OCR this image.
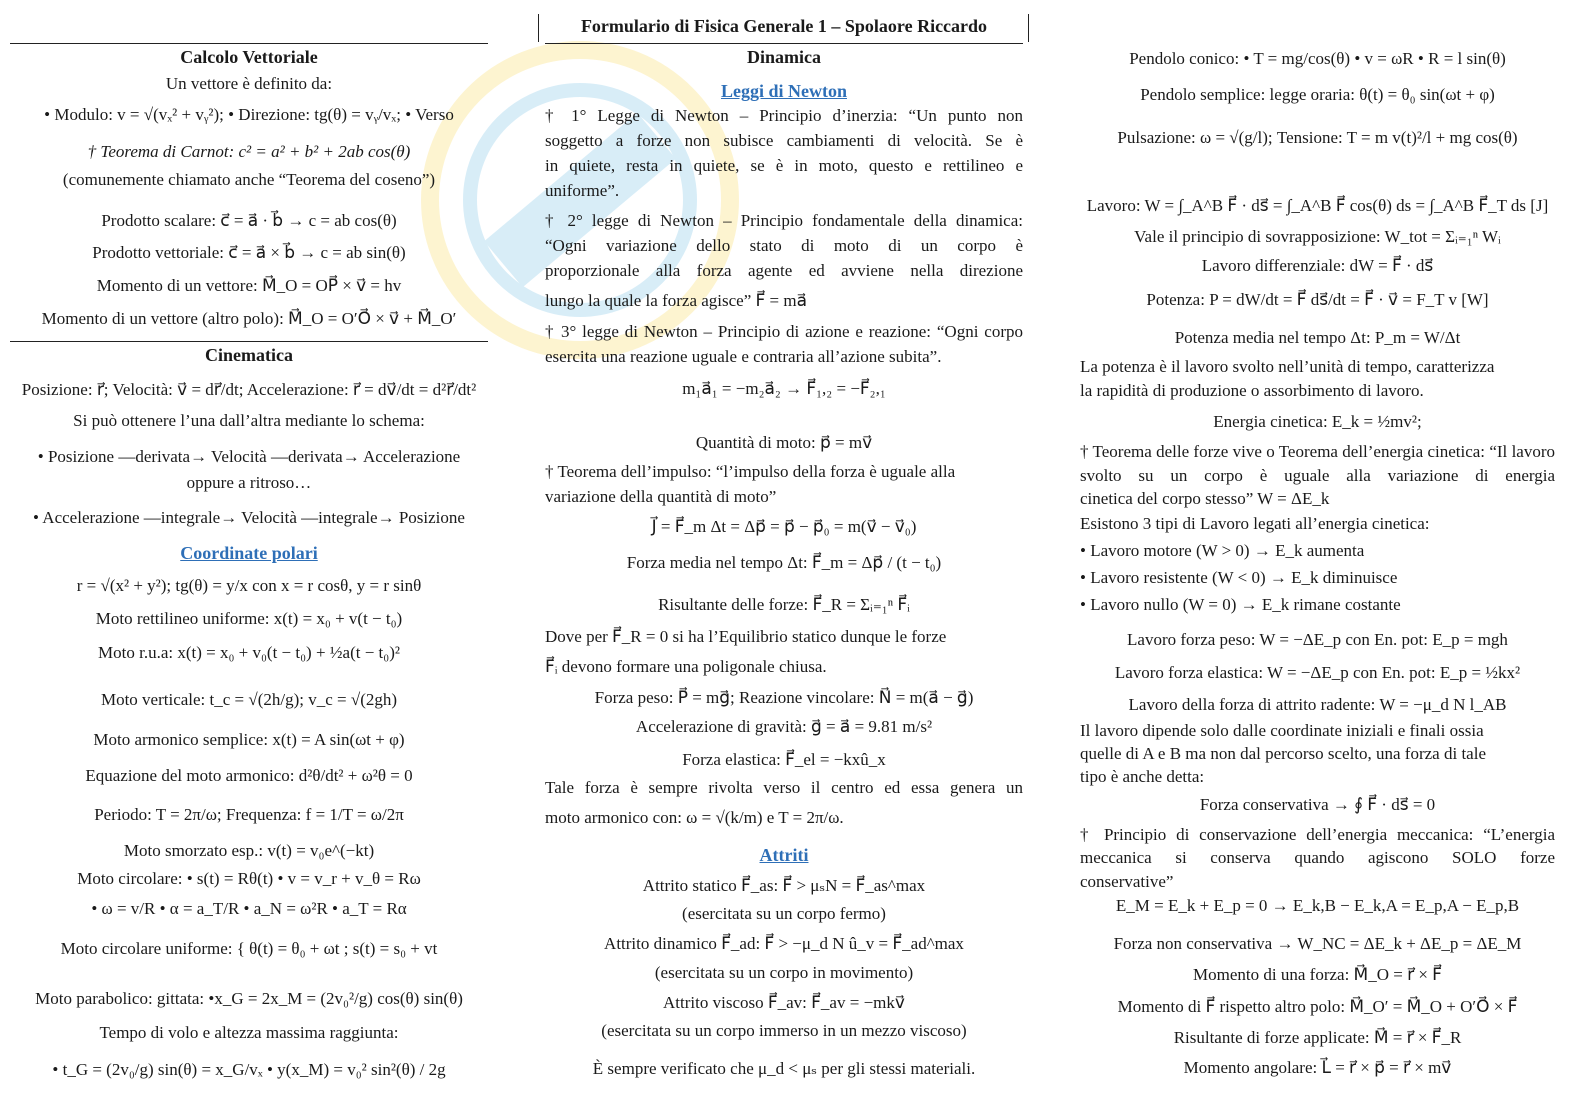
Formulario di Fisica Generale 1 – Spolaore Riccardo
Calcolo Vettoriale
Un vettore è definito da:
• Modulo: v = √(vₓ² + vᵧ²); • Direzione: tg(θ) = vᵧ/vₓ; • Verso
† Teorema di Carnot: c² = a² + b² + 2ab cos(θ)
(comunemente chiamato anche “Teorema del coseno”)
Prodotto scalare: c⃗ = a⃗ · b⃗ → c = ab cos(θ)
Prodotto vettoriale: c⃗ = a⃗ × b⃗ → c = ab sin(θ)
Momento di un vettore: M⃗_O = OP⃗ × v⃗ = hv
Momento di un vettore (altro polo): M⃗_O = O′O⃗ × v⃗ + M⃗_O′
Cinematica
Posizione: r⃗; Velocità: v⃗ = dr⃗/dt; Accelerazione: r⃗ = dv⃗/dt = d²r⃗/dt²
Si può ottenere l’una dall’altra mediante lo schema:
• Posizione —derivata→ Velocità —derivata→ Accelerazione
oppure a ritroso…
• Accelerazione —integrale→ Velocità —integrale→ Posizione
Coordinate polari
r = √(x² + y²); tg(θ) = y/x con x = r cosθ, y = r sinθ
Moto rettilineo uniforme: x(t) = x₀ + v(t − t₀)
Moto r.u.a: x(t) = x₀ + v₀(t − t₀) + ½a(t − t₀)²
Moto verticale: t_c = √(2h/g); v_c = √(2gh)
Moto armonico semplice: x(t) = A sin(ωt + φ)
Equazione del moto armonico: d²θ/dt² + ω²θ = 0
Periodo: T = 2π/ω; Frequenza: f = 1/T = ω/2π
Moto smorzato esp.: v(t) = v₀e^(−kt)
Moto circolare: • s(t) = Rθ(t) • v = v_r + v_θ = Rω
• ω = v/R • α = a_T/R • a_N = ω²R • a_T = Rα
Moto circolare uniforme: { θ(t) = θ₀ + ωt ; s(t) = s₀ + vt
Moto parabolico: gittata: •x_G = 2x_M = (2v₀²/g) cos(θ) sin(θ)
Tempo di volo e altezza massima raggiunta:
• t_G = (2v₀/g) sin(θ) = x_G/vₓ • y(x_M) = v₀² sin²(θ) / 2g
Dinamica
Leggi di Newton
† 1° Legge di Newton – Principio d’inerzia: “Un punto non
soggetto a forze non subisce cambiamenti di velocità. Se è
in quiete, resta in quiete, se è in moto, questo e rettilineo e
uniforme”.
† 2° legge di Newton – Principio fondamentale della dinamica:
“Ogni variazione dello stato di moto di un corpo è
proporzionale alla forza agente ed avviene nella direzione
lungo la quale la forza agisce” F⃗ = ma⃗
† 3° legge di Newton – Principio di azione e reazione: “Ogni corpo
esercita una reazione uguale e contraria all’azione subita”.
m₁a⃗₁ = −m₂a⃗₂ → F⃗₁,₂ = −F⃗₂,₁
Quantità di moto: p⃗ = mv⃗
† Teorema dell’impulso: “l’impulso della forza è uguale alla
variazione della quantità di moto”
J⃗ = F⃗_m Δt = Δp⃗ = p⃗ − p⃗₀ = m(v⃗ − v⃗₀)
Forza media nel tempo Δt: F⃗_m = Δp⃗ / (t − t₀)
Risultante delle forze: F⃗_R = Σᵢ₌₁ⁿ F⃗ᵢ
Dove per F⃗_R = 0 si ha l’Equilibrio statico dunque le forze
F⃗ᵢ devono formare una poligonale chiusa.
Forza peso: P⃗ = mg⃗; Reazione vincolare: N⃗ = m(a⃗ − g⃗)
Accelerazione di gravità: g⃗ = a⃗ = 9.81 m/s²
Forza elastica: F⃗_el = −kxû_x
Tale forza è sempre rivolta verso il centro ed essa genera un
moto armonico con: ω = √(k/m) e T = 2π/ω.
Attriti
Attrito statico F⃗_as: F⃗ > μₛN = F⃗_as^max
(esercitata su un corpo fermo)
Attrito dinamico F⃗_ad: F⃗ > −μ_d N û_v = F⃗_ad^max
(esercitata su un corpo in movimento)
Attrito viscoso F⃗_av: F⃗_av = −mkv⃗
(esercitata su un corpo immerso in un mezzo viscoso)
È sempre verificato che μ_d < μₛ per gli stessi materiali.
Pendolo conico: • T = mg/cos(θ) • v = ωR • R = l sin(θ)
Pendolo semplice: legge oraria: θ(t) = θ₀ sin(ωt + φ)
Pulsazione: ω = √(g/l); Tensione: T = m v(t)²/l + mg cos(θ)
Lavoro: W = ∫_A^B F⃗ · ds⃗ = ∫_A^B F⃗ cos(θ) ds = ∫_A^B F⃗_T ds [J]
Vale il principio di sovrapposizione: W_tot = Σᵢ₌₁ⁿ Wᵢ
Lavoro differenziale: dW = F⃗ · ds⃗
Potenza: P = dW/dt = F⃗ ds⃗/dt = F⃗ · v⃗ = F_T v [W]
Potenza media nel tempo Δt: P_m = W/Δt
La potenza è il lavoro svolto nell’unità di tempo, caratterizza
la rapidità di produzione o assorbimento di lavoro.
Energia cinetica: E_k = ½mv²;
† Teorema delle forze vive o Teorema dell’energia cinetica: “Il lavoro
svolto su un corpo è uguale alla variazione di energia
cinetica del corpo stesso” W = ΔE_k
Esistono 3 tipi di Lavoro legati all’energia cinetica:
• Lavoro motore (W > 0) → E_k aumenta
• Lavoro resistente (W < 0) → E_k diminuisce
• Lavoro nullo (W = 0) → E_k rimane costante
Lavoro forza peso: W = −ΔE_p con En. pot: E_p = mgh
Lavoro forza elastica: W = −ΔE_p con En. pot: E_p = ½kx²
Lavoro della forza di attrito radente: W = −μ_d N l_AB
Il lavoro dipende solo dalle coordinate iniziali e finali ossia
quelle di A e B ma non dal percorso scelto, una forza di tale
tipo è anche detta:
Forza conservativa → ∮ F⃗ · ds⃗ = 0
† Principio di conservazione dell’energia meccanica: “L’energia
meccanica si conserva quando agiscono SOLO forze
conservative”
E_M = E_k + E_p = 0 → E_k,B − E_k,A = E_p,A − E_p,B
Forza non conservativa → W_NC = ΔE_k + ΔE_p = ΔE_M
Momento di una forza: M⃗_O = r⃗ × F⃗
Momento di F⃗ rispetto altro polo: M⃗_O′ = M⃗_O + O′O⃗ × F⃗
Risultante di forze applicate: M⃗ = r⃗ × F⃗_R
Momento angolare: L⃗ = r⃗ × p⃗ = r⃗ × mv⃗
